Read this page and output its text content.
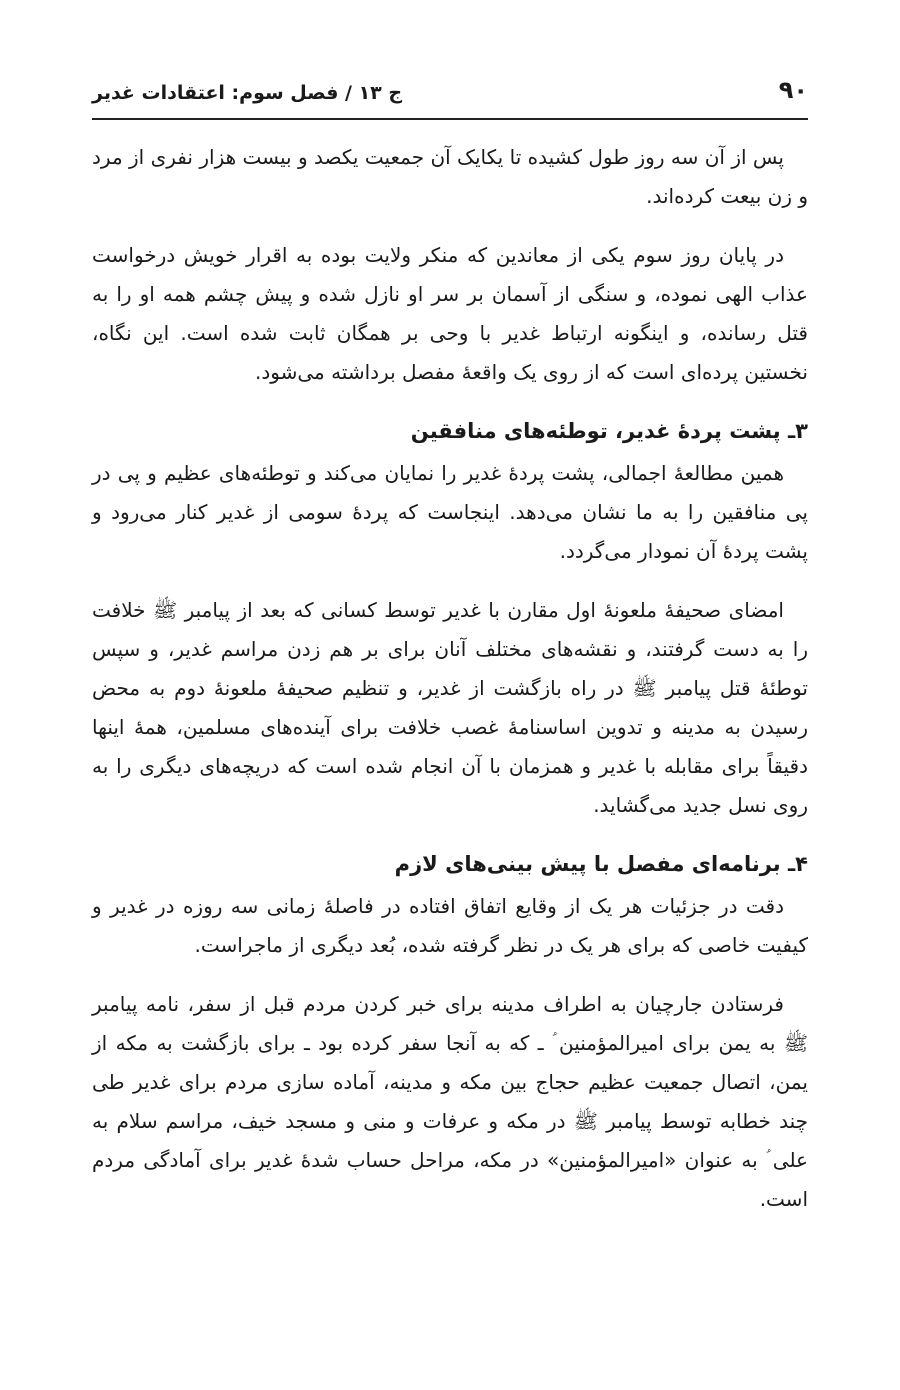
۹۰
ج ۱۳ / فصل سوم: اعتقادات غدیر

پس از آن سه روز طول کشیده تا یکایک آن جمعیت یکصد و بیست هزار نفری از مرد و زن بیعت کرده‌اند.

در پایان روز سوم یکی از معاندین که منکر ولایت بوده به اقرار خویش درخواست عذاب الهی نموده، و سنگی از آسمان بر سر او نازل شده و پیش چشم همه او را به قتل رسانده، و اینگونه ارتباط غدیر با وحی بر همگان ثابت شده است. این نگاه، نخستین پرده‌ای است که از روی یک واقعهٔ مفصل برداشته می‌شود.

۳ـ پشت پردهٔ غدیر، توطئه‌های منافقین

همین مطالعهٔ اجمالی، پشت پردهٔ غدیر را نمایان می‌کند و توطئه‌های عظیم و پی در پی منافقین را به ما نشان می‌دهد. اینجاست که پردهٔ سومی از غدیر کنار می‌رود و پشت پردهٔ آن نمودار می‌گردد.

امضای صحیفهٔ ملعونهٔ اول مقارن با غدیر توسط کسانی که بعد از پیامبر ﷺ خلافت را به دست گرفتند، و نقشه‌های مختلف آنان برای بر هم زدن مراسم غدیر، و سپس توطئهٔ قتل پیامبر ﷺ در راه بازگشت از غدیر، و تنظیم صحیفهٔ ملعونهٔ دوم به محض رسیدن به مدینه و تدوین اساسنامهٔ غصب خلافت برای آینده‌های مسلمین، همهٔ اینها دقیقاً برای مقابله با غدیر و همزمان با آن انجام شده است که دریچه‌های دیگری را به روی نسل جدید می‌گشاید.

۴ـ برنامه‌ای مفصل با پیش بینی‌های لازم

دقت در جزئیات هر یک از وقایع اتفاق افتاده در فاصلهٔ زمانی سه روزه در غدیر و کیفیت خاصی که برای هر یک در نظر گرفته شده، بُعد دیگری از ماجراست.

فرستادن جارچیان به اطراف مدینه برای خبر کردن مردم قبل از سفر، نامه پیامبر ﷺ به یمن برای امیرالمؤمنین ؑ ـ که به آنجا سفر کرده بود ـ برای بازگشت به مکه از یمن، اتصال جمعیت عظیم حجاج بین مکه و مدینه، آماده سازی مردم برای غدیر طی چند خطابه توسط پیامبر ﷺ در مکه و عرفات و منی و مسجد خیف، مراسم سلام به علی ؑ به عنوان «امیرالمؤمنین» در مکه، مراحل حساب شدهٔ غدیر برای آمادگی مردم است.
